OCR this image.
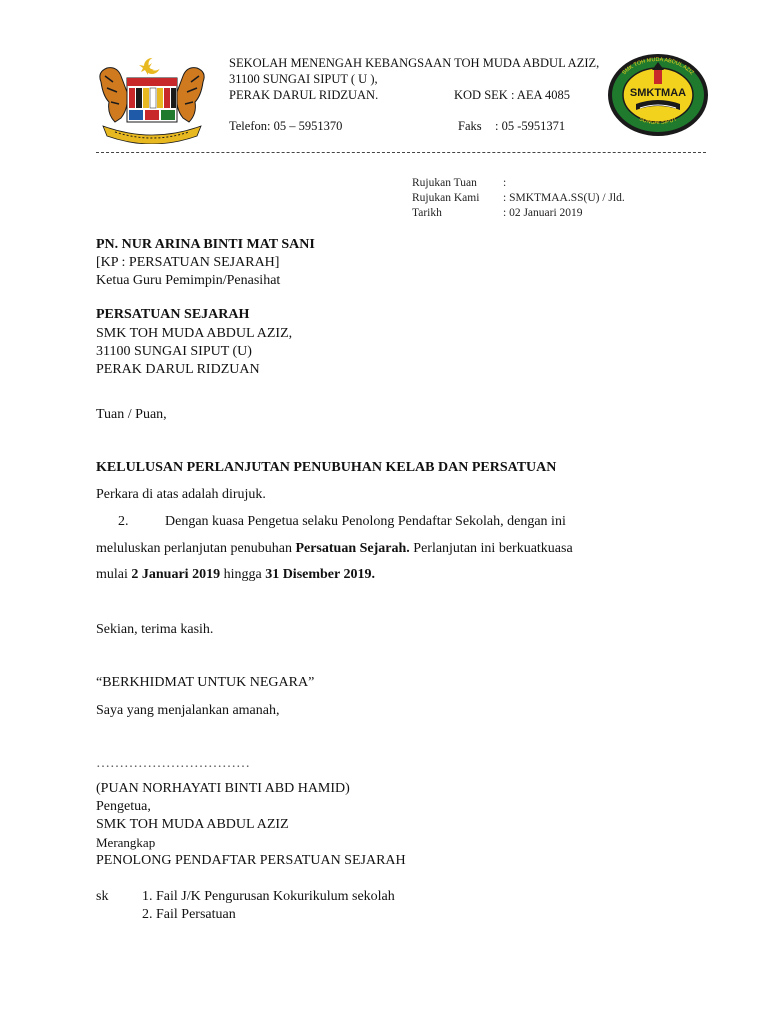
SMKTMAA
SMK TOH MUDA ABDUL AZIZ
SUNGAI SIPUT
SEKOLAH MENENGAH KEBANGSAAN TOH MUDA ABDUL AZIZ,
31100 SUNGAI SIPUT ( U ),
PERAK DARUL RIDZUAN.	KOD SEK : AEA 4085
Telefon: 05 – 5951370	Faks : 05 -5951371
Rujukan Tuan :
Rujukan Kami : SMKTMAA.SS(U) / Jld.
Tarikh	: 02 Januari 2019
PN. NUR ARINA BINTI MAT SANI
[KP : PERSATUAN SEJARAH]
Ketua Guru Pemimpin/Penasihat
PERSATUAN SEJARAH
SMK TOH MUDA ABDUL AZIZ,
31100 SUNGAI SIPUT (U)
PERAK DARUL RIDZUAN
Tuan / Puan,
KELULUSAN PERLANJUTAN PENUBUHAN KELAB DAN PERSATUAN
Perkara di atas adalah dirujuk.
2.	Dengan kuasa Pengetua selaku Penolong Pendaftar Sekolah, dengan ini
meluluskan perlanjutan penubuhan Persatuan Sejarah. Perlanjutan ini berkuatkuasa
mulai 2 Januari 2019 hingga 31 Disember 2019.
Sekian, terima kasih.
“BERKHIDMAT UNTUK NEGARA”
Saya yang menjalankan amanah,
……………………………
(PUAN NORHAYATI BINTI ABD HAMID)
Pengetua,
SMK TOH MUDA ABDUL AZIZ
Merangkap
PENOLONG PENDAFTAR PERSATUAN SEJARAH
sk 1. Fail J/K Pengurusan Kokurikulum sekolah
2. Fail Persatuan
